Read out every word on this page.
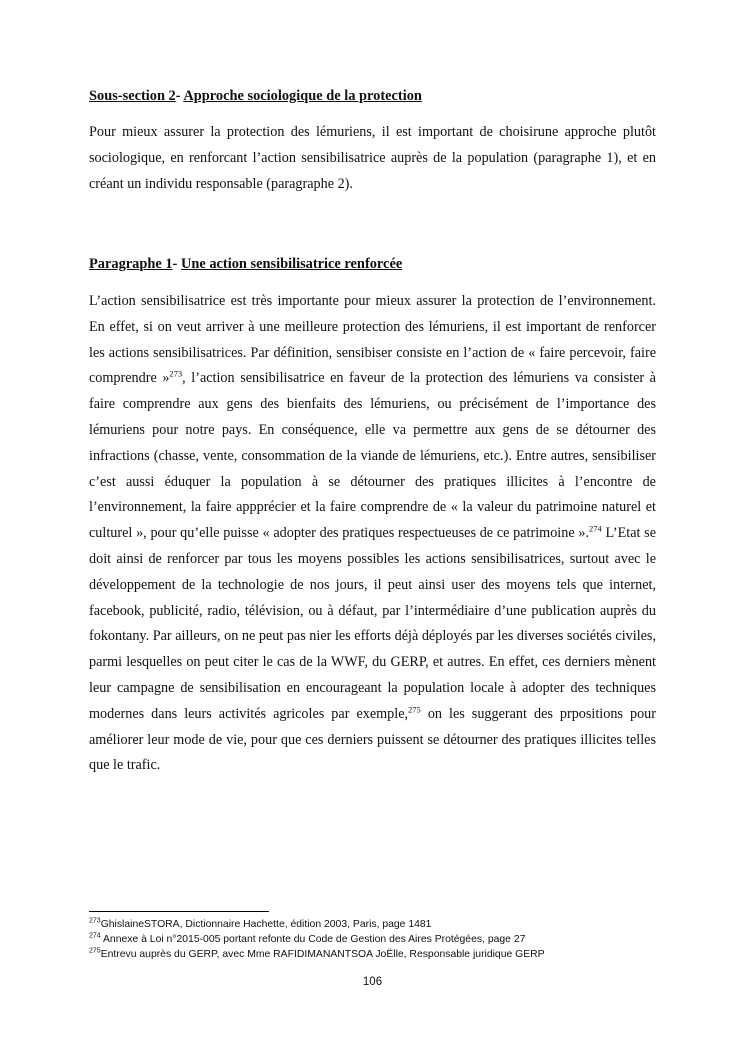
Sous-section 2- Approche sociologique de la protection

Pour mieux assurer la protection des lémuriens, il est important de choisirune approche plutôt sociologique, en renforcant l’action sensibilisatrice auprès de la population (paragraphe 1), et en créant un individu responsable (paragraphe 2).

Paragraphe 1- Une action sensibilisatrice renforcée

L’action sensibilisatrice est très importante pour mieux assurer la protection de l’environnement. En effet, si on veut arriver à une meilleure protection des lémuriens, il est important de renforcer les actions sensibilisatrices. Par définition, sensibiser consiste en l’action de « faire percevoir, faire comprendre »$^{273}$, l’action sensibilisatrice en faveur de la protection des lémuriens va consister à faire comprendre aux gens des bienfaits des lémuriens, ou précisément de l’importance des lémuriens pour notre pays. En conséquence, elle va permettre aux gens de se détourner des infractions (chasse, vente, consommation de la viande de lémuriens, etc.). Entre autres, sensibiliser c’est aussi éduquer la population à se détourner des pratiques illicites à l’encontre de l’environnement, la faire appprécier et la faire comprendre de « la valeur du patrimoine naturel et culturel », pour qu’elle puisse « adopter des pratiques respectueuses de ce patrimoine ».$^{274}$ L’Etat se doit ainsi de renforcer par tous les moyens possibles les actions sensibilisatrices, surtout avec le développement de la technologie de nos jours, il peut ainsi user des moyens tels que internet, facebook, publicité, radio, télévision, ou à défaut, par l’intermédiaire d’une publication auprès du fokontany. Par ailleurs, on ne peut pas nier les efforts déjà déployés par les diverses sociétés civiles, parmi lesquelles on peut citer le cas de la WWF, du GERP, et autres. En effet, ces derniers mènent leur campagne de sensibilisation en encourageant la population locale à adopter des techniques modernes dans leurs activités agricoles par exemple,$^{275}$ on les suggerant des prpositions pour améliorer leur mode de vie, pour que ces derniers puissent se détourner des pratiques illicites telles que le trafic.

$^{273}$GhislaineSTORA, Dictionnaire Hachette, édition 2003, Paris, page 1481
$^{274}$ Annexe à Loi n°2015-005 portant refonte du Code de Gestion des Aires Protégées, page 27
$^{275}$Entrevu auprès du GERP, avec Mme RAFIDIMANANTSOA JoËlle, Responsable juridique GERP
106
